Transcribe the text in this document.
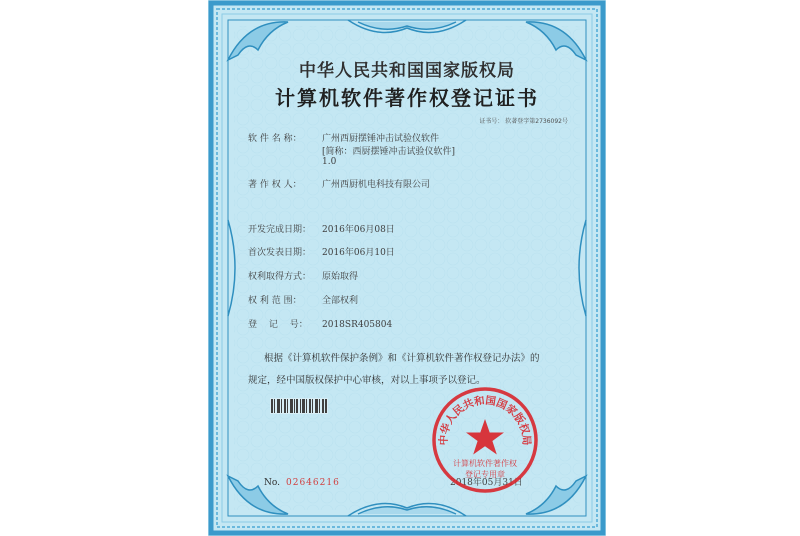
中华人民共和国国家版权局
计算机软件著作权登记证书
证书号： 软著登字第2736092号
软 件 名 称： 广州西厨摆锤冲击试验仪软件
[简称：西厨摆锤冲击试验仪软件]
1.0
著 作 权 人： 广州西厨机电科技有限公司
开发完成日期： 2016年06月08日
首次发表日期： 2016年06月10日
权利取得方式： 原始取得
权 利 范 围： 全部权利
登　 记　 号： 2018SR405804
根据《计算机软件保护条例》和《计算机软件著作权登记办法》的
规定，经中国版权保护中心审核，对以上事项予以登记。
No. 02646216	2018年05月31日
中华人民共和国国家版权局
计算机软件著作权
登记专用章
